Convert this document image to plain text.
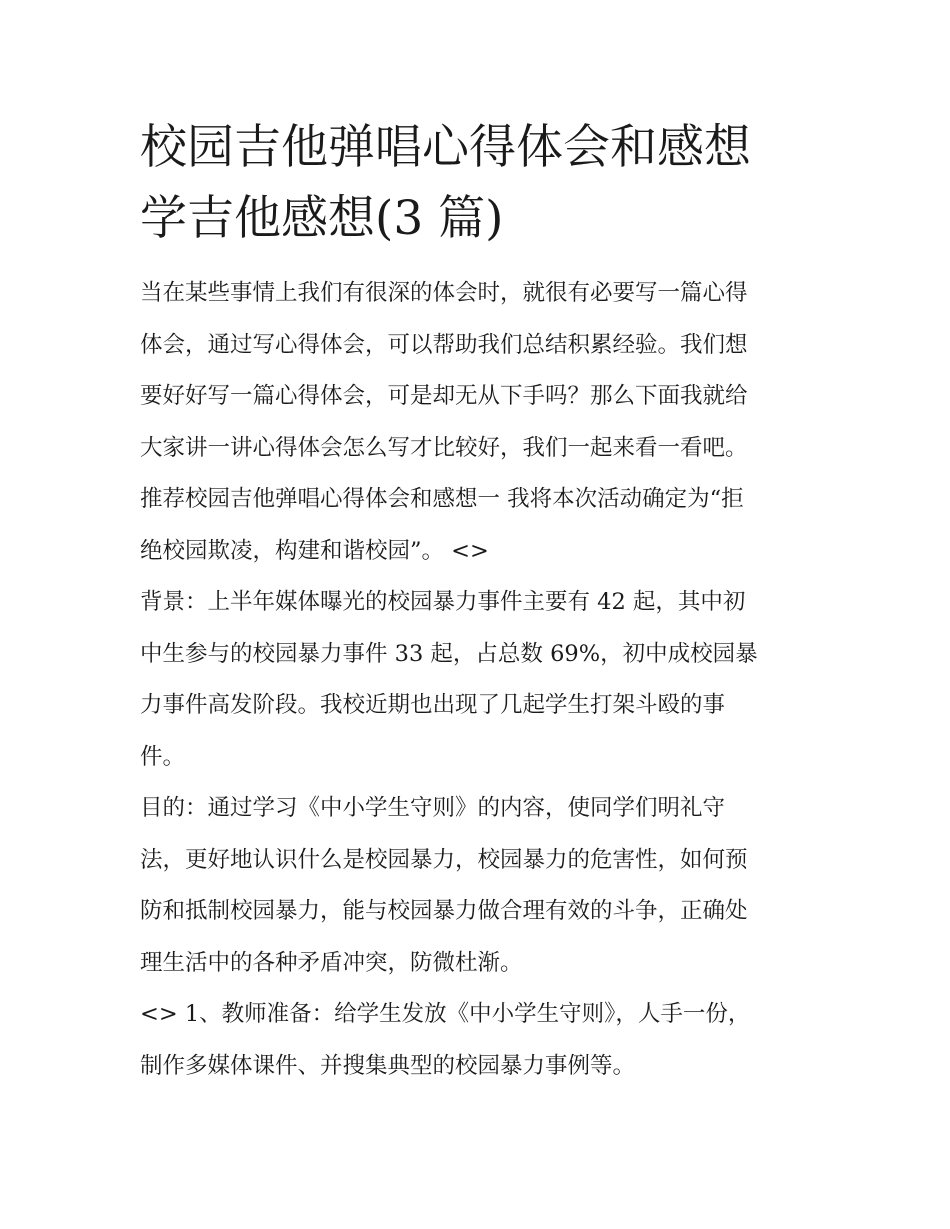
校园吉他弹唱心得体会和感想
学吉他感想(3 篇)

当在某些事情上我们有很深的体会时，就很有必要写一篇心得
体会，通过写心得体会，可以帮助我们总结积累经验。我们想
要好好写一篇心得体会，可是却无从下手吗？那么下面我就给
大家讲一讲心得体会怎么写才比较好，我们一起来看一看吧。
推荐校园吉他弹唱心得体会和感想一 我将本次活动确定为“拒
绝校园欺凌，构建和谐校园”。 <>

背景：上半年媒体曝光的校园暴力事件主要有 42 起，其中初
中生参与的校园暴力事件 33 起，占总数 69%，初中成校园暴
力事件高发阶段。我校近期也出现了几起学生打架斗殴的事
件。

目的：通过学习《中小学生守则》的内容，使同学们明礼守
法，更好地认识什么是校园暴力，校园暴力的危害性，如何预
防和抵制校园暴力，能与校园暴力做合理有效的斗争，正确处
理生活中的各种矛盾冲突，防微杜渐。

<> 1、教师准备：给学生发放《中小学生守则》，人手一份，
制作多媒体课件、并搜集典型的校园暴力事例等。
